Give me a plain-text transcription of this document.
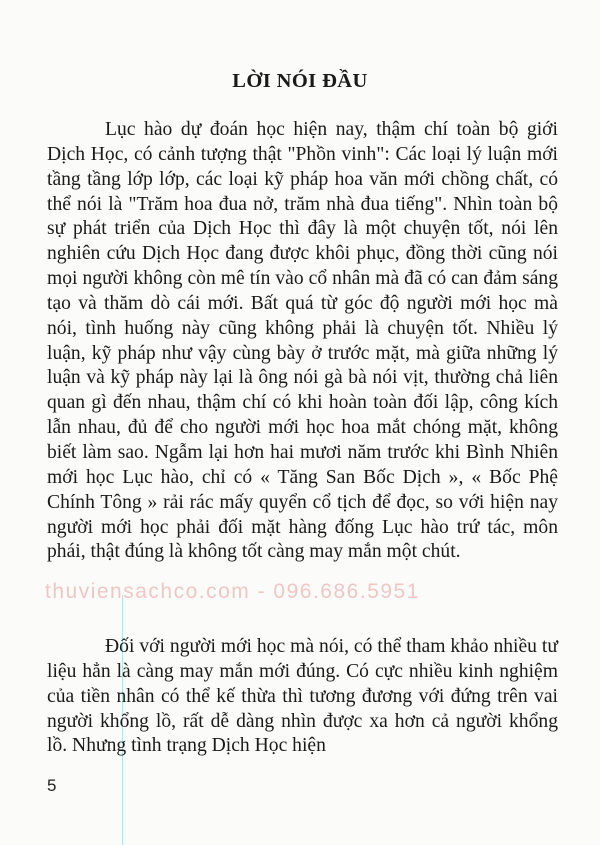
LỜI NÓI ĐẦU

Lục hào dự đoán học hiện nay, thậm chí toàn bộ giới Dịch Học, có cảnh tượng thật "Phồn vinh": Các loại lý luận mới tầng tầng lớp lớp, các loại kỹ pháp hoa văn mới chồng chất, có thể nói là "Trăm hoa đua nở, trăm nhà đua tiếng". Nhìn toàn bộ sự phát triển của Dịch Học thì đây là một chuyện tốt, nói lên nghiên cứu Dịch Học đang được khôi phục, đồng thời cũng nói mọi người không còn mê tín vào cổ nhân mà đã có can đảm sáng tạo và thăm dò cái mới. Bất quá từ góc độ người mới học mà nói, tình huống này cũng không phải là chuyện tốt. Nhiều lý luận, kỹ pháp như vậy cùng bày ở trước mặt, mà giữa những lý luận và kỹ pháp này lại là ông nói gà bà nói vịt, thường chả liên quan gì đến nhau, thậm chí có khi hoàn toàn đối lập, công kích lẫn nhau, đủ để cho người mới học hoa mắt chóng mặt, không biết làm sao. Ngẫm lại hơn hai mươi năm trước khi Bình Nhiên mới học Lục hào, chỉ có « Tăng San Bốc Dịch », « Bốc Phệ Chính Tông » rải rác mấy quyển cổ tịch để đọc, so với hiện nay người mới học phải đối mặt hàng đống Lục hào trứ tác, môn phái, thật đúng là không tốt càng may mắn một chút.

thuviensachco.com - 096.686.5951

Đối với người mới học mà nói, có thể tham khảo nhiều tư liệu hẳn là càng may mắn mới đúng. Có cực nhiều kinh nghiệm của tiền nhân có thể kế thừa thì tương đương với đứng trên vai người khổng lồ, rất dễ dàng nhìn được xa hơn cả người khổng lồ. Nhưng tình trạng Dịch Học hiện

5
